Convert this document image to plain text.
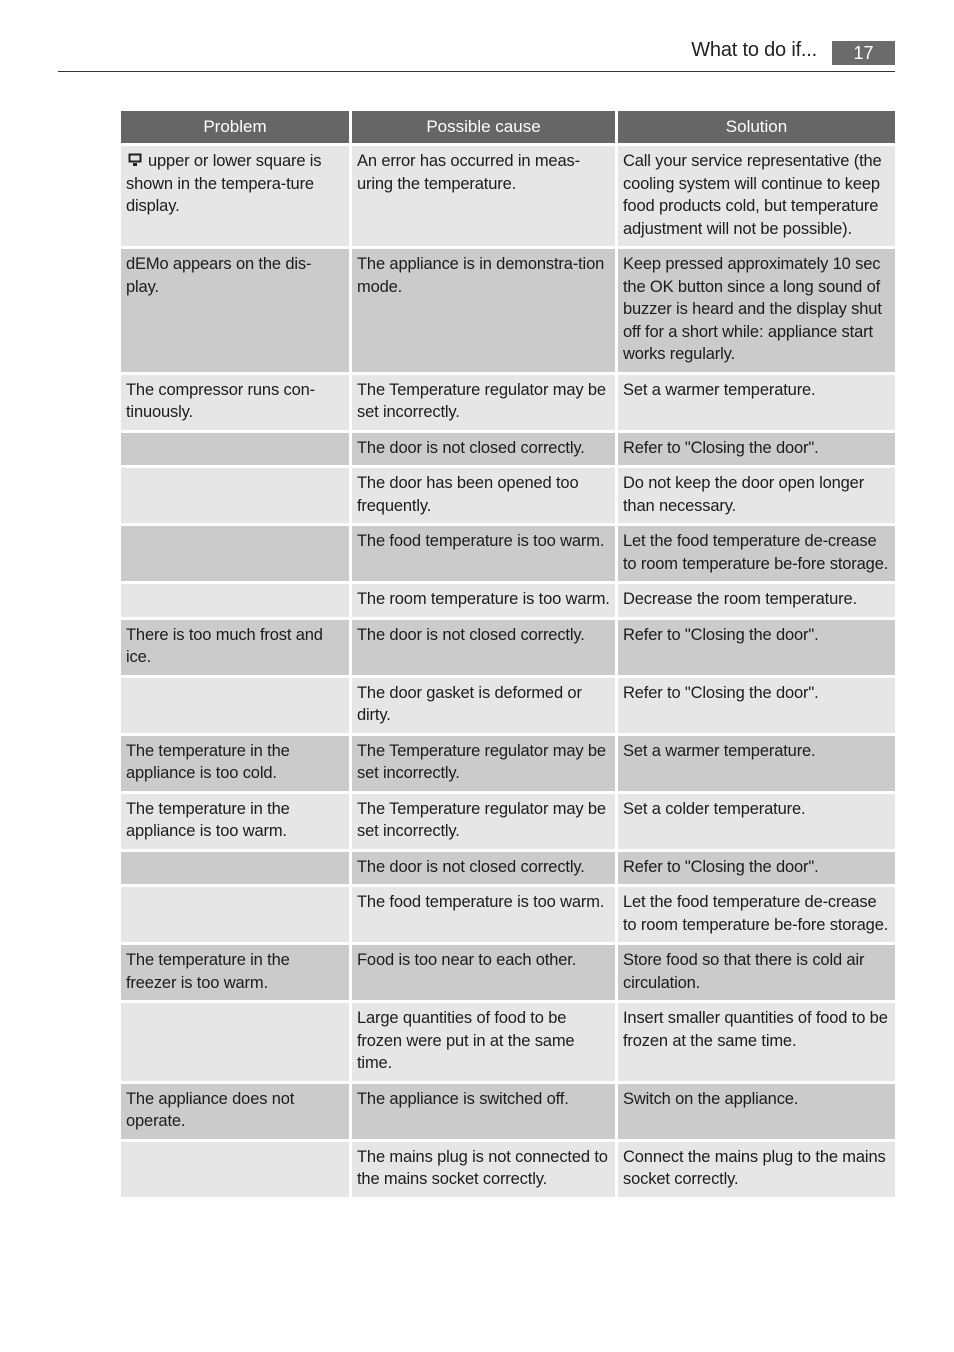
What to do if...	17
Problem	Possible cause	Solution
upper or lower square is shown in the tempera-ture display.	An error has occurred in meas-uring the temperature.	Call your service representative (the cooling system will continue to keep food products cold, but temperature adjustment will not be possible).
dEMo appears on the dis-play.	The appliance is in demonstra-tion mode.	Keep pressed approximately 10 sec the OK button since a long sound of buzzer is heard and the display shut off for a short while: appliance start works regularly.
The compressor runs con-tinuously.	The Temperature regulator may be set incorrectly.	Set a warmer temperature.
	The door is not closed correctly.	Refer to "Closing the door".
	The door has been opened too frequently.	Do not keep the door open longer than necessary.
	The food temperature is too warm.	Let the food temperature de-crease to room temperature be-fore storage.
	The room temperature is too warm.	Decrease the room temperature.
There is too much frost and ice.	The door is not closed correctly.	Refer to "Closing the door".
	The door gasket is deformed or dirty.	Refer to "Closing the door".
The temperature in the appliance is too cold.	The Temperature regulator may be set incorrectly.	Set a warmer temperature.
The temperature in the appliance is too warm.	The Temperature regulator may be set incorrectly.	Set a colder temperature.
	The door is not closed correctly.	Refer to "Closing the door".
	The food temperature is too warm.	Let the food temperature de-crease to room temperature be-fore storage.
The temperature in the freezer is too warm.	Food is too near to each other.	Store food so that there is cold air circulation.
	Large quantities of food to be frozen were put in at the same time.	Insert smaller quantities of food to be frozen at the same time.
The appliance does not operate.	The appliance is switched off.	Switch on the appliance.
	The mains plug is not connected to the mains socket correctly.	Connect the mains plug to the mains socket correctly.
